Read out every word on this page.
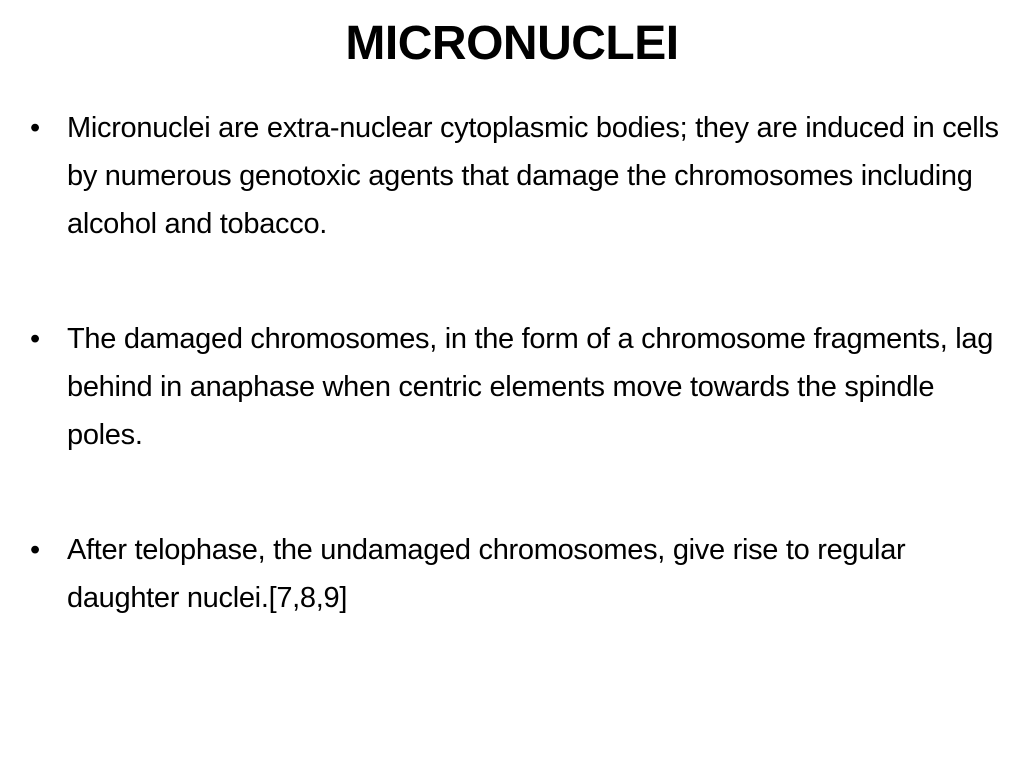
MICRONUCLEI
• Micronuclei are extra-nuclear cytoplasmic bodies; they are induced in cells by numerous genotoxic agents that damage the chromosomes including alcohol and tobacco.
• The damaged chromosomes, in the form of a chromosome fragments, lag behind in anaphase when centric elements move towards the spindle poles.
• After telophase, the undamaged chromosomes, give rise to regular daughter nuclei.[7,8,9]
